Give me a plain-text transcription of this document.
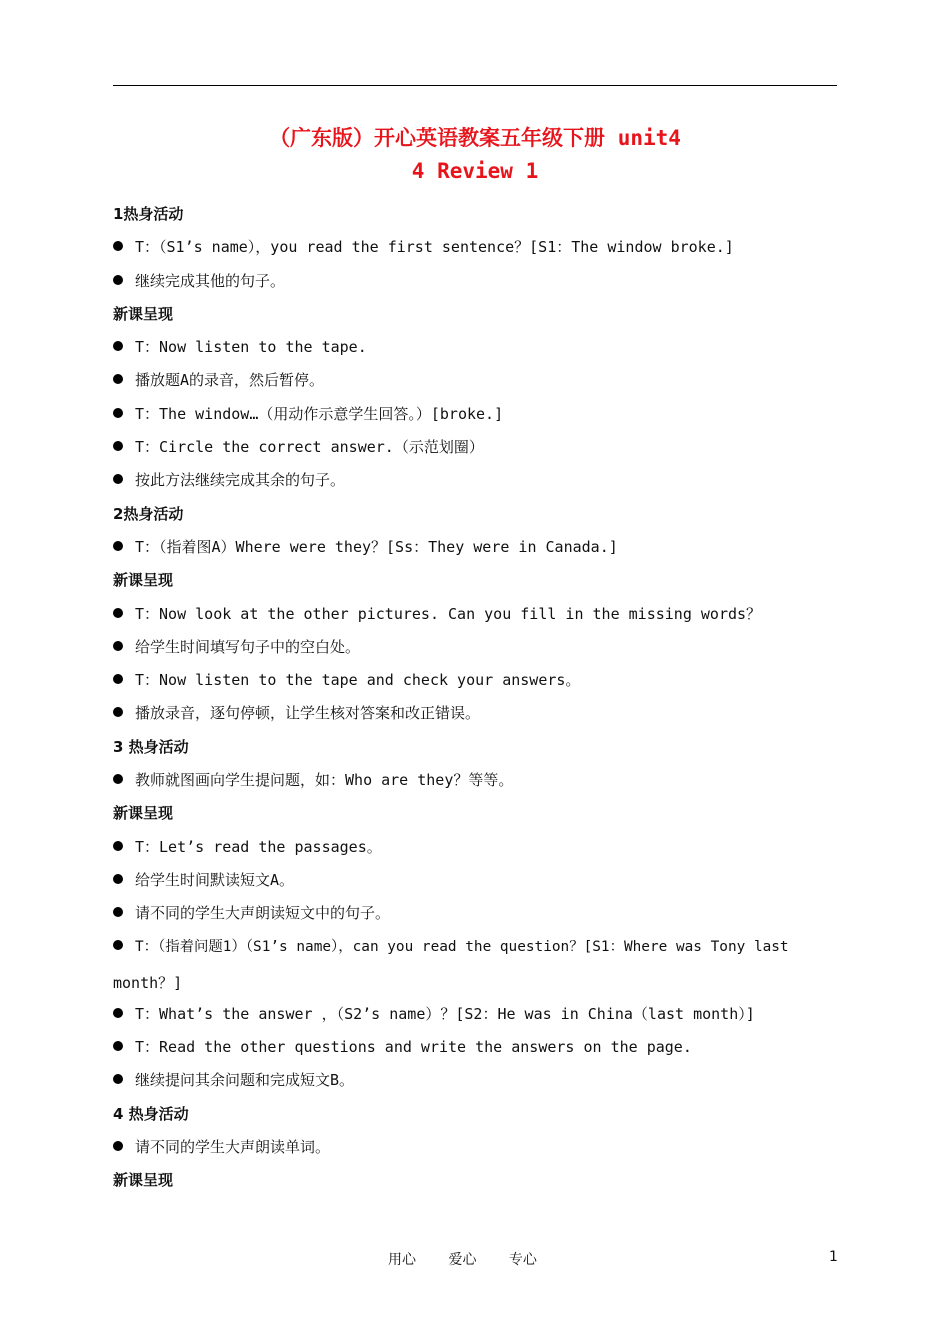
（广东版）开心英语教案五年级下册 unit4
4 Review 1
1热身活动
T：（S1’s name），you read the first sentence？[S1：The window broke.]
继续完成其他的句子。
新课呈现
T：Now listen to the tape.
播放题A的录音，然后暂停。
T：The window…（用动作示意学生回答。）[broke.]
T：Circle the correct answer.（示范划圈）
按此方法继续完成其余的句子。
2热身活动
T：（指着图A）Where were they？[Ss：They were in Canada.]
新课呈现
T：Now look at the other pictures. Can you fill in the missing words？
给学生时间填写句子中的空白处。
T：Now listen to the tape and check your answers。
播放录音，逐句停顿，让学生核对答案和改正错误。
3 热身活动
教师就图画向学生提问题，如：Who are they？等等。
新课呈现
T：Let’s read the passages。
给学生时间默读短文A。
请不同的学生大声朗读短文中的句子。
T：（指着问题1）（S1’s name），can you read the question？[S1：Where was Tony last
month？]
T：What’s the answer ，（S2’s name）？[S2：He was in China（last month）]
T：Read the other questions and write the answers on the page.
继续提问其余问题和完成短文B。
4 热身活动
请不同的学生大声朗读单词。
新课呈现
用心 爱心 专心	1
